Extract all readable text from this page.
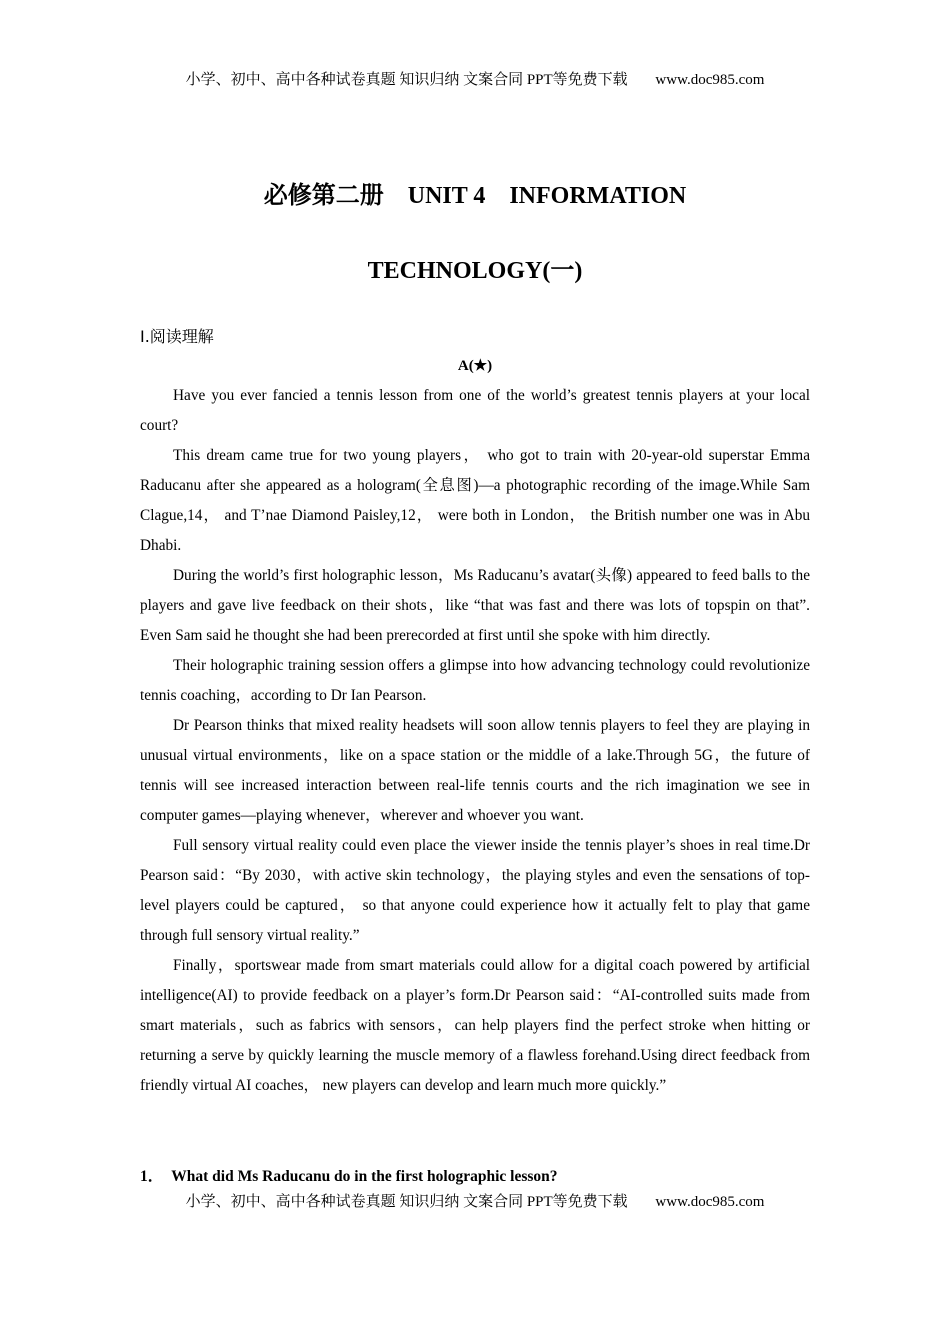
小学、初中、高中各种试卷真题 知识归纳 文案合同 PPT等免费下载 www.doc985.com
必修第二册    UNIT 4    INFORMATION
TECHNOLOGY(一)
Ⅰ.阅读理解
A(★)

Have you ever fancied a tennis lesson from one of the world’s greatest tennis players at your local court?

This dream came true for two young players， who got to train with 20-year-old superstar Emma Raducanu after she appeared as a hologram(全息图)—a photographic recording of the image.While Sam Clague,14， and T’nae Diamond Paisley,12， were both in London， the British number one was in Abu Dhabi.

During the world’s first holographic lesson，Ms Raducanu’s avatar(头像) appeared to feed balls to the players and gave live feedback on their shots，like “that was fast and there was lots of topspin on that”. Even Sam said he thought she had been prerecorded at first until she spoke with him directly.

Their holographic training session offers a glimpse into how advancing technology could revolutionize tennis coaching，according to Dr Ian Pearson.

Dr Pearson thinks that mixed reality headsets will soon allow tennis players to feel they are playing in unusual virtual environments，like on a space station or the middle of a lake.Through 5G，the future of tennis will see increased interaction between real-life tennis courts and the rich imagination we see in computer games—playing whenever，wherever and whoever you want.

Full sensory virtual reality could even place the viewer inside the tennis player’s shoes in real time.Dr Pearson said：“By 2030，with active skin technology，the playing styles and even the sensations of top-level players could be captured， so that anyone could experience how it actually felt to play that game through full sensory virtual reality.”

Finally，sportswear made from smart materials could allow for a digital coach powered by artificial intelligence(AI) to provide feedback on a player’s form.Dr Pearson said：“AI-controlled suits made from smart materials，such as fabrics with sensors，can help players find the perfect stroke when hitting or returning a serve by quickly learning the muscle memory of a flawless forehand.Using direct feedback from friendly virtual AI coaches， new players can develop and learn much more quickly.”

1． What did Ms Raducanu do in the first holographic lesson?
小学、初中、高中各种试卷真题 知识归纳 文案合同 PPT等免费下载 www.doc985.com
